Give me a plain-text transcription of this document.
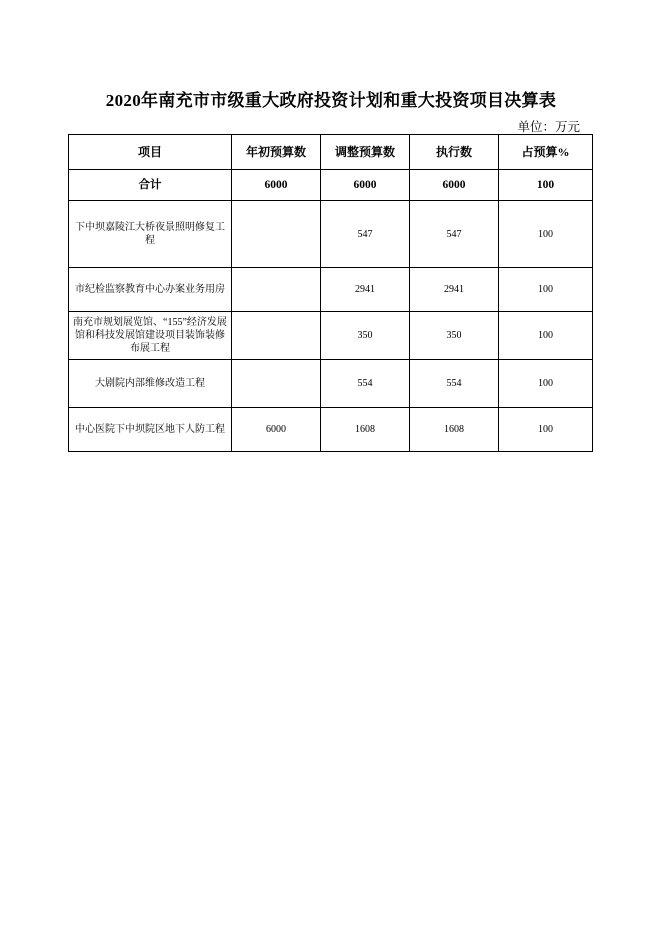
2020年南充市市级重大政府投资计划和重大投资项目决算表
单位：万元
项目	年初预算数	调整预算数	执行数	占预算%
合计	6000	6000	6000	100
下中坝嘉陵江大桥夜景照明修复工程		547	547	100
市纪检监察教育中心办案业务用房		2941	2941	100
南充市规划展览馆、“155”经济发展馆和科技发展馆建设项目装饰装修布展工程		350	350	100
大剧院内部维修改造工程		554	554	100
中心医院下中坝院区地下人防工程	6000	1608	1608	100
